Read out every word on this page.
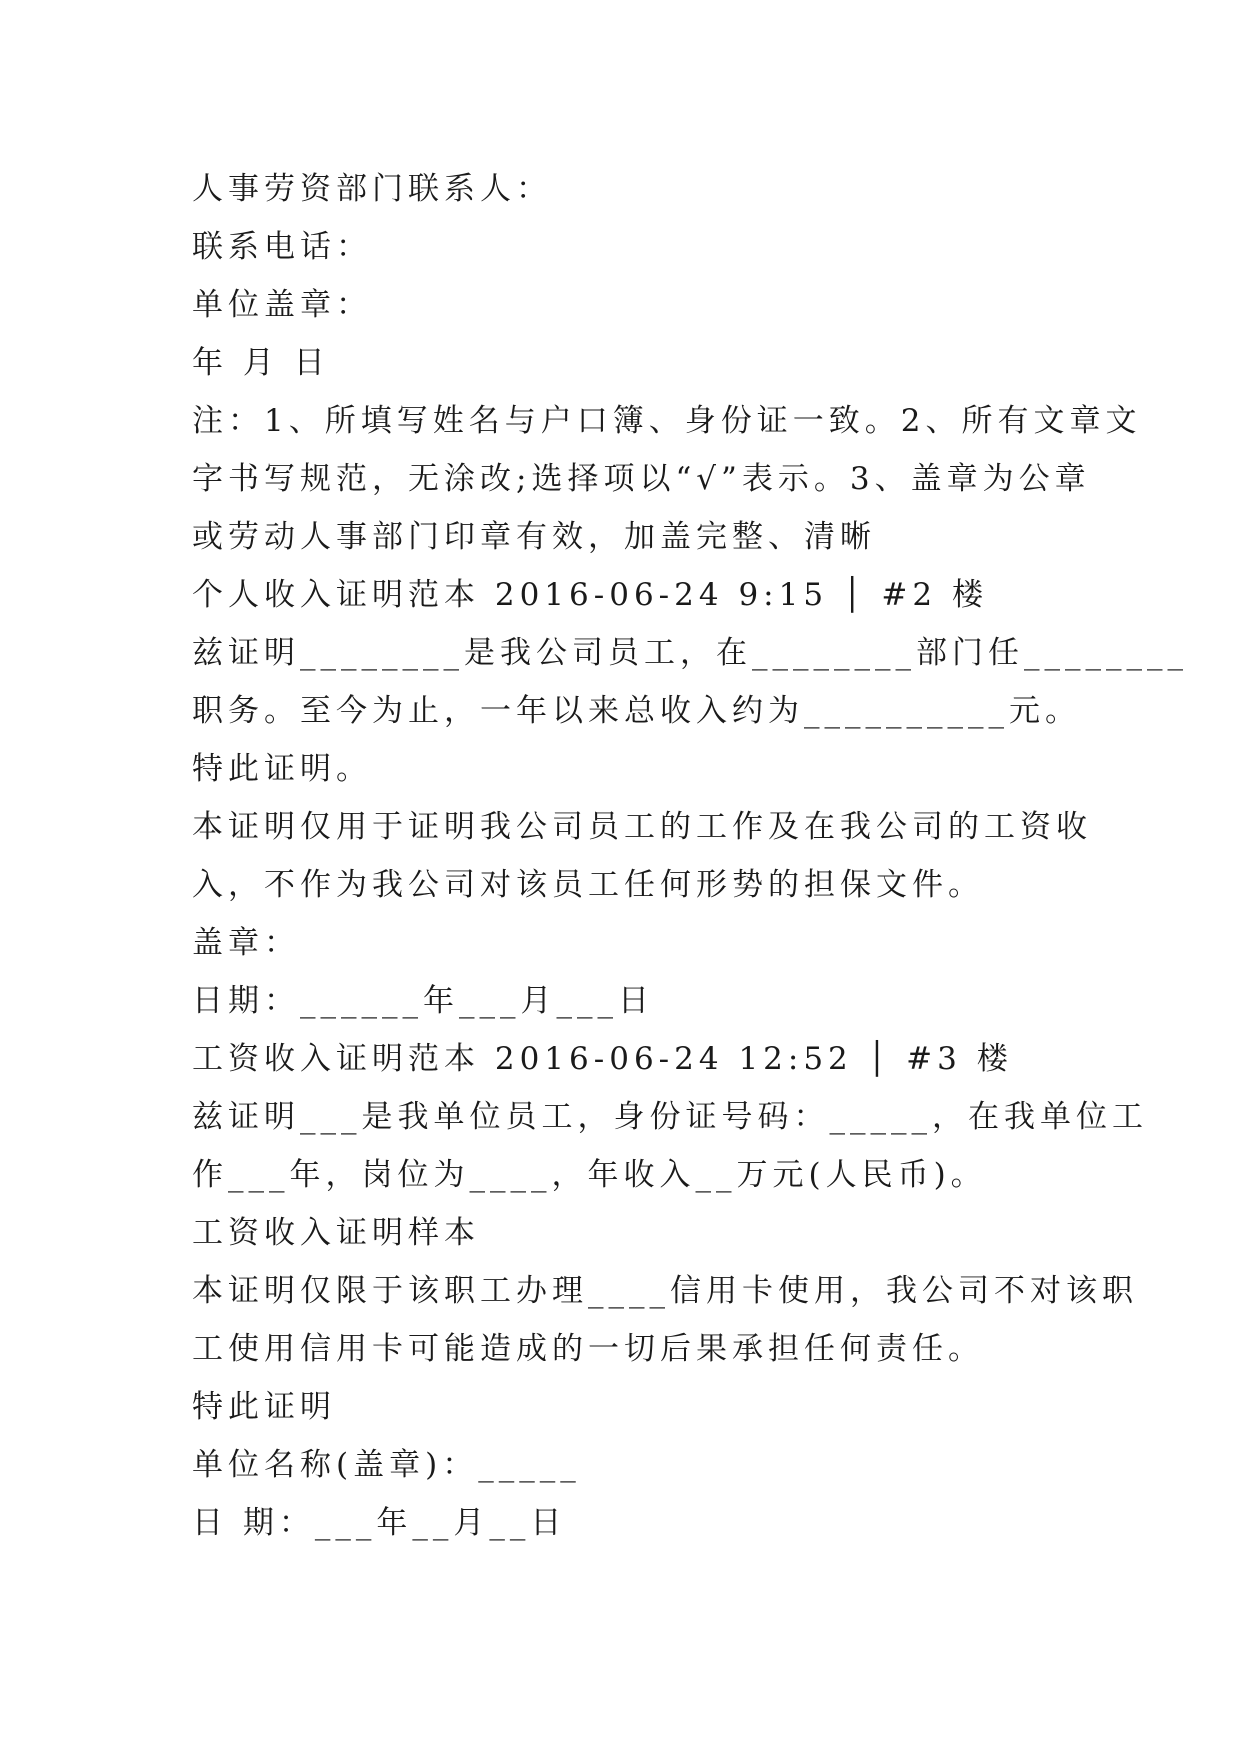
人事劳资部门联系人：

联系电话：

单位盖章：

年 月 日

注：1、所填写姓名与户口簿、身份证一致。2、所有文章文

字书写规范，无涂改;选择项以“√”表示。3、盖章为公章

或劳动人事部门印章有效，加盖完整、清晰

个人收入证明范本 2016-06-24 9:15 │ #2 楼

兹证明________是我公司员工，在________部门任________

职务。至今为止，一年以来总收入约为__________元。

特此证明。

本证明仅用于证明我公司员工的工作及在我公司的工资收

入，不作为我公司对该员工任何形势的担保文件。

盖章：

日期：______年___月___日

工资收入证明范本 2016-06-24 12:52 │ #3 楼

兹证明___是我单位员工，身份证号码：_____，在我单位工

作___年，岗位为____，年收入__万元(人民币)。

工资收入证明样本

本证明仅限于该职工办理____信用卡使用，我公司不对该职

工使用信用卡可能造成的一切后果承担任何责任。

特此证明

单位名称(盖章)：_____

日 期：___年__月__日
